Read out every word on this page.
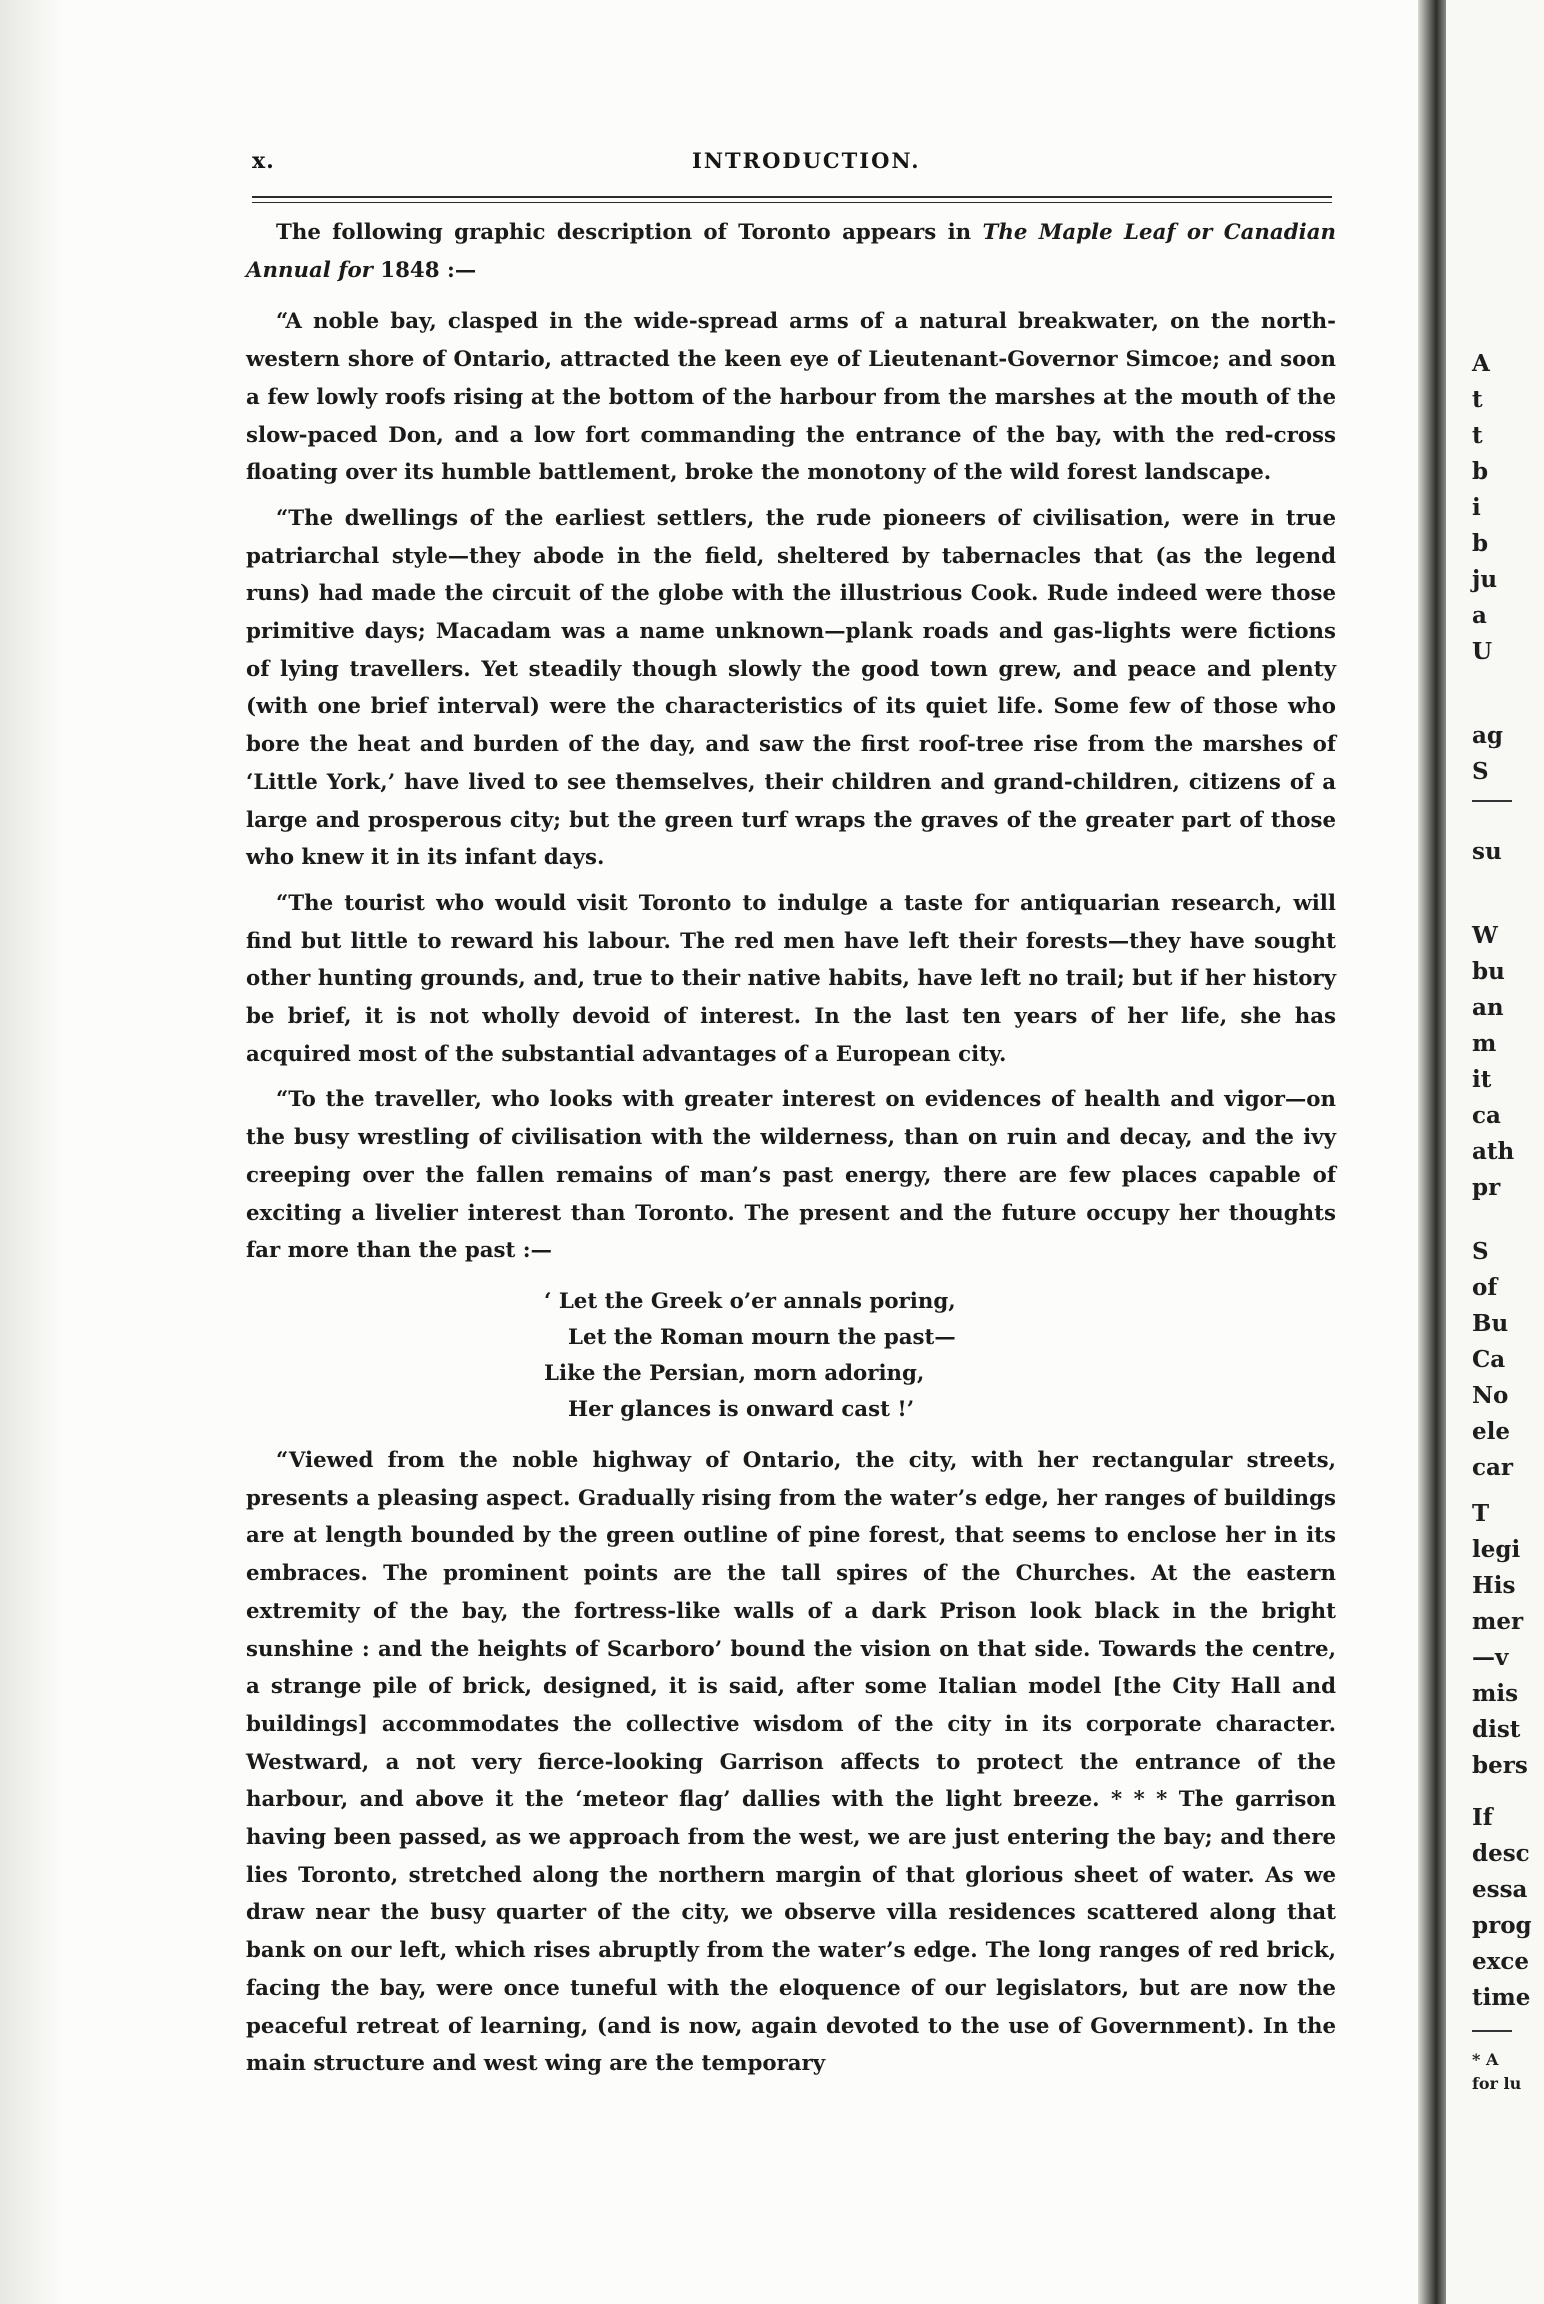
x.	INTRODUCTION.

The following graphic description of Toronto appears in The Maple Leaf or Canadian Annual for 1848 :—

“A noble bay, clasped in the wide-spread arms of a natural breakwater, on the north-western shore of Ontario, attracted the keen eye of Lieutenant-Governor Simcoe; and soon a few lowly roofs rising at the bottom of the harbour from the marshes at the mouth of the slow-paced Don, and a low fort commanding the entrance of the bay, with the red-cross floating over its humble battlement, broke the monotony of the wild forest landscape.

“The dwellings of the earliest settlers, the rude pioneers of civilisation, were in true patriarchal style—they abode in the field, sheltered by tabernacles that (as the legend runs) had made the circuit of the globe with the illustrious Cook. Rude indeed were those primitive days; Macadam was a name unknown—plank roads and gas-lights were fictions of lying travellers. Yet steadily though slowly the good town grew, and peace and plenty (with one brief interval) were the characteristics of its quiet life. Some few of those who bore the heat and burden of the day, and saw the first roof-tree rise from the marshes of ‘Little York,’ have lived to see themselves, their children and grand-children, citizens of a large and prosperous city; but the green turf wraps the graves of the greater part of those who knew it in its infant days.

“The tourist who would visit Toronto to indulge a taste for antiquarian research, will find but little to reward his labour. The red men have left their forests—they have sought other hunting grounds, and, true to their native habits, have left no trail; but if her history be brief, it is not wholly devoid of interest. In the last ten years of her life, she has acquired most of the substantial advantages of a European city.

“To the traveller, who looks with greater interest on evidences of health and vigor—on the busy wrestling of civilisation with the wilderness, than on ruin and decay, and the ivy creeping over the fallen remains of man’s past energy, there are few places capable of exciting a livelier interest than Toronto. The present and the future occupy her thoughts far more than the past :—

‘ Let the Greek o’er annals poring,
Let the Roman mourn the past—
Like the Persian, morn adoring,
Her glances is onward cast !’

“Viewed from the noble highway of Ontario, the city, with her rectangular streets, presents a pleasing aspect. Gradually rising from the water’s edge, her ranges of buildings are at length bounded by the green outline of pine forest, that seems to enclose her in its embraces. The prominent points are the tall spires of the Churches. At the eastern extremity of the bay, the fortress-like walls of a dark Prison look black in the bright sunshine : and the heights of Scarboro’ bound the vision on that side. Towards the centre, a strange pile of brick, designed, it is said, after some Italian model [the City Hall and buildings] accommodates the collective wisdom of the city in its corporate character. Westward, a not very fierce-looking Garrison affects to protect the entrance of the harbour, and above it the ‘meteor flag’ dallies with the light breeze. * * * The garrison having been passed, as we approach from the west, we are just entering the bay; and there lies Toronto, stretched along the northern margin of that glorious sheet of water. As we draw near the busy quarter of the city, we observe villa residences scattered along that bank on our left, which rises abruptly from the water’s edge. The long ranges of red brick, facing the bay, were once tuneful with the eloquence of our legislators, but are now the peaceful retreat of learning, (and is now, again devoted to the use of Government). In the main structure and west wing are the temporary

A
t
t
b
i
b
ju
a
U
ag
S
su
W
bu
an
m
it
ca
ath
pr
S
of
Bu
Ca
No
ele
car
T
legi
His
mer
—v
mis
dist
bers
If
desc
essa
prog
exce
time
* A
for lu
